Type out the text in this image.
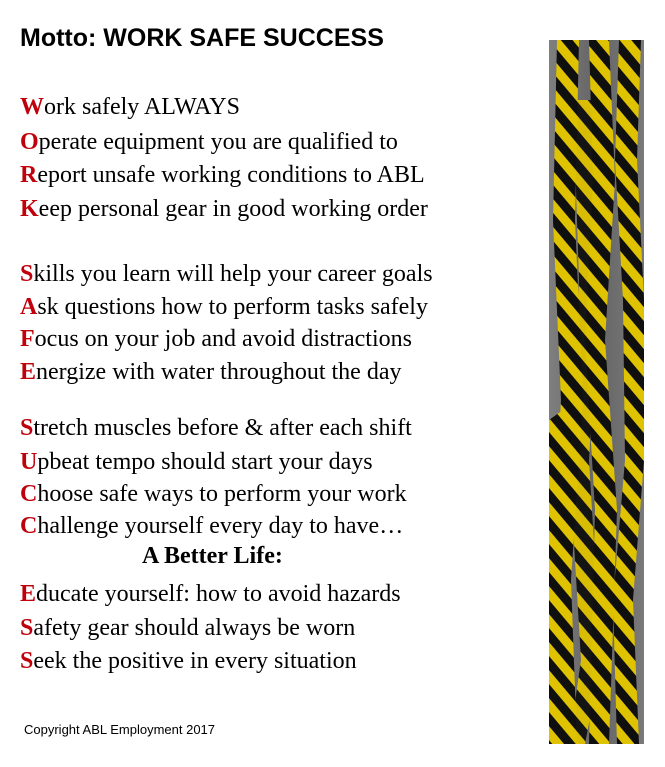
Motto: WORK SAFE SUCCESS
Work safely ALWAYS
Operate equipment you are qualified to
Report unsafe working conditions to ABL
Keep personal gear in good working order
Skills you learn will help your career goals
Ask questions how to perform tasks safely
Focus on your job and avoid distractions
Energize with water throughout the day
Stretch muscles before & after each shift
Upbeat tempo should start your days
Choose safe ways to perform your work
Challenge yourself every day to have…
Educate yourself: how to avoid hazards
Safety gear should always be worn
Seek the positive in every situation
A Better Life:
Copyright ABL Employment 2017
